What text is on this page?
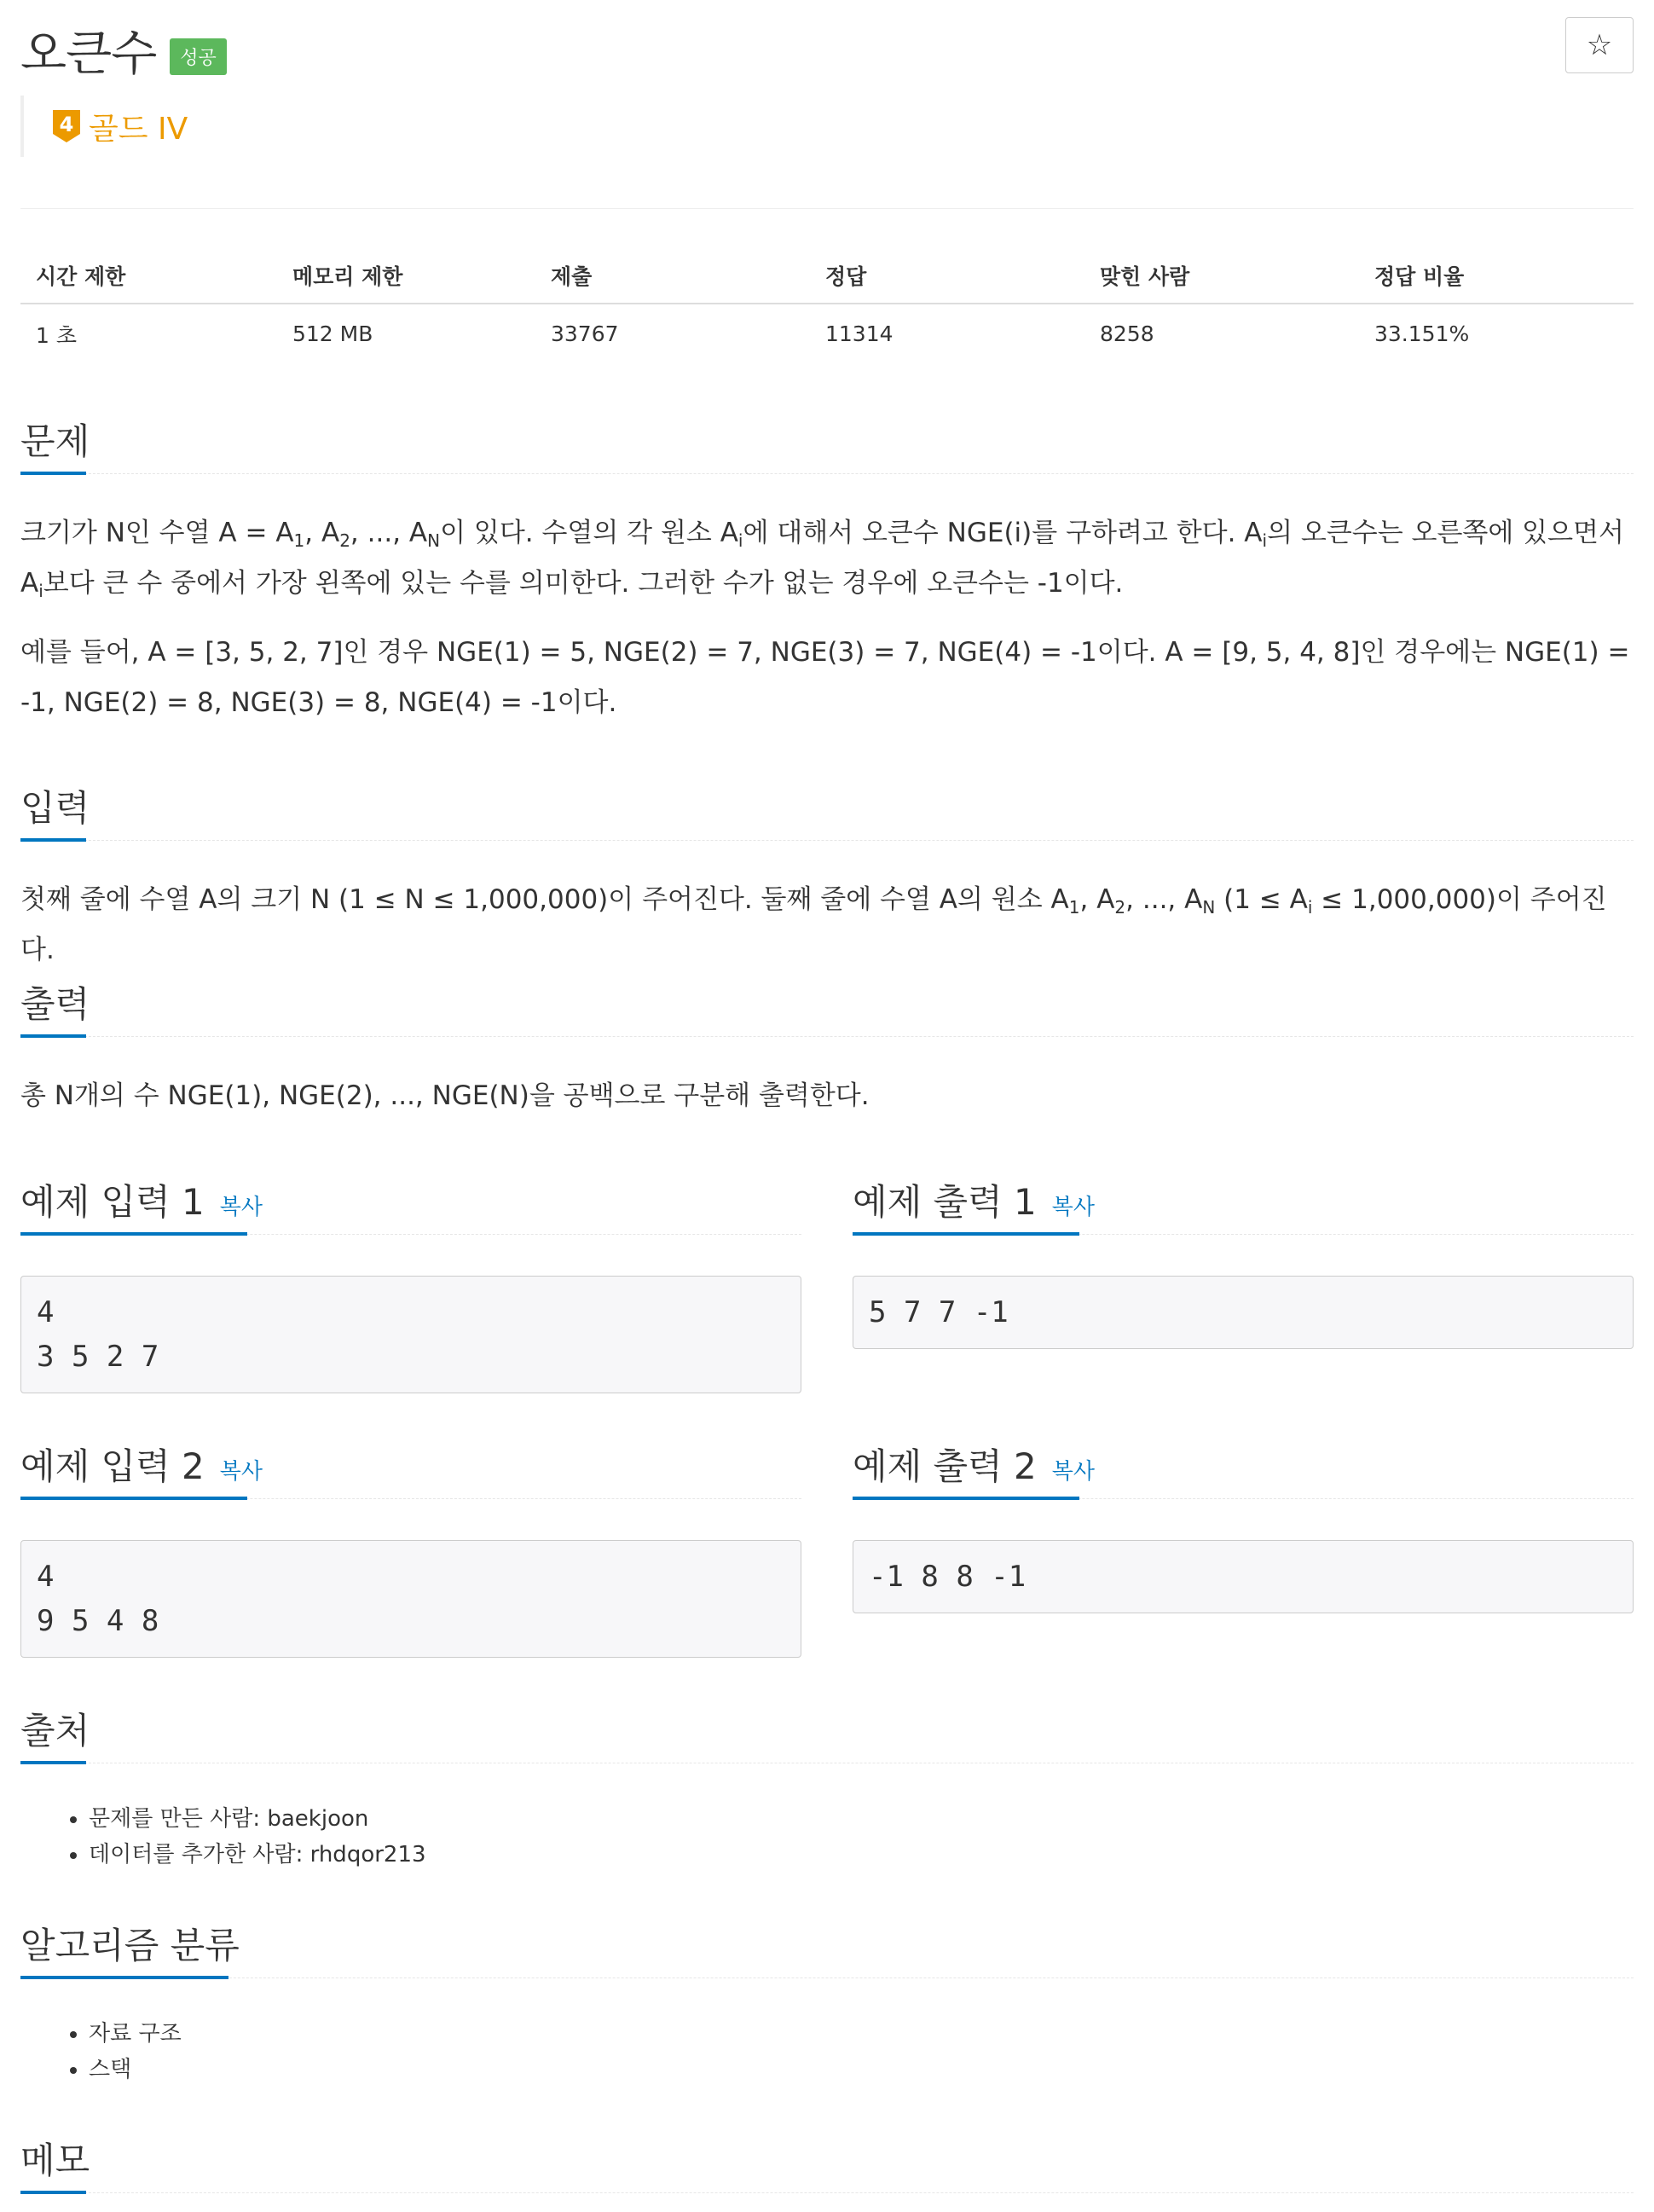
오큰수	성공	☆
4 골드 IV
시간 제한	메모리 제한	제출	정답	맞힌 사람	정답 비율
1 초	512 MB	33767	11314	8258	33.151%
문제

크기가 N인 수열 $A = A_1$, $A_2$, ..., $A_N$이 있다. 수열의 각 원소 $A_i$에 대해서 오큰수 NGE(i)를 구하려고 한다. $A_i$의 오큰수는 오른쪽에 있으면서 $A_i$보다 큰 수 중에서 가장 왼쪽에 있는 수를 의미한다. 그러한 수가 없는 경우에 오큰수는 -1이다.

예를 들어, A = [3, 5, 2, 7]인 경우 NGE(1) = 5, NGE(2) = 7, NGE(3) = 7, NGE(4) = -1이다. A = [9, 5, 4, 8]인 경우에는 NGE(1) = -1, NGE(2) = 8, NGE(3) = 8, NGE(4) = -1이다.

입력

첫째 줄에 수열 A의 크기 N (1 ≤ N ≤ 1,000,000)이 주어진다. 둘째 줄에 수열 A의 원소 $A_1$, $A_2$, ..., $A_N$ $(1 \le A_i \le 1,000,000)$이 주어진다.

출력

총 N개의 수 NGE(1), NGE(2), ..., NGE(N)을 공백으로 구분해 출력한다.

예제 입력 1 복사
4
3 5 2 7
예제 출력 1 복사
5 7 7 -1
예제 입력 2 복사
4
9 5 4 8
예제 출력 2 복사
-1 8 8 -1
출처
• 문제를 만든 사람: baekjoon
• 데이터를 추가한 사람: rhdqor213
알고리즘 분류
• 자료 구조
• 스택
메모
